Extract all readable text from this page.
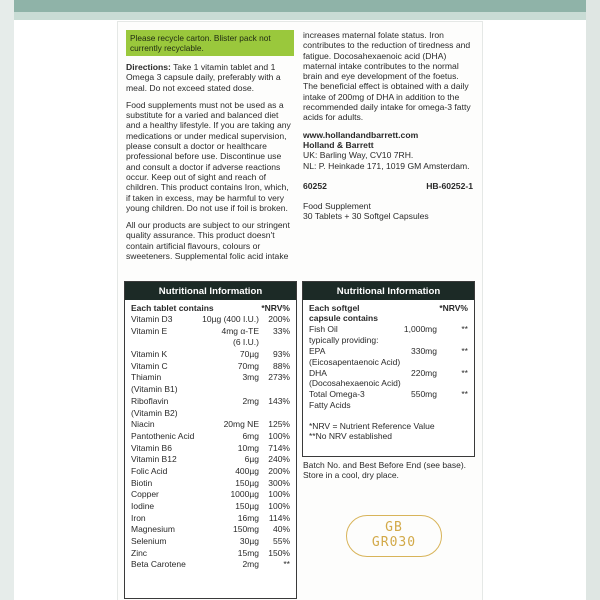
Please recycle carton. Blister pack not currently recyclable.

Directions: Take 1 vitamin tablet and 1 Omega 3 capsule daily, preferably with a meal. Do not exceed stated dose.

Food supplements must not be used as a substitute for a varied and balanced diet and a healthy lifestyle. If you are taking any medications or under medical supervision, please consult a doctor or healthcare professional before use. Discontinue use and consult a doctor if adverse reactions occur. Keep out of sight and reach of children. This product contains Iron, which, if taken in excess, may be harmful to very young children. Do not use if foil is broken.

All our products are subject to our stringent quality assurance. This product doesn't contain artificial flavours, colours or sweeteners. Supplemental folic acid intake

increases maternal folate status. Iron contributes to the reduction of tiredness and fatigue. Docosahexaenoic acid (DHA) maternal intake contributes to the normal brain and eye development of the foetus. The beneficial effect is obtained with a daily intake of 200mg of DHA in addition to the recommended daily intake for omega-3 fatty acids for adults.

www.hollandandbarrett.com
Holland & Barrett
UK: Barling Way, CV10 7RH.
NL: P. Heinkade 171, 1019 GM Amsterdam.
60252	HB-60252-1
Food Supplement
30 Tablets + 30 Softgel Capsules
Nutritional Information
Each tablet contains	*NRV%
Vitamin D3	10µg (400 I.U.) 200%
Vitamin E	4mg α-TE 33%
(6 I.U.)
Vitamin K	70µg 93%
Vitamin C	70mg 88%
Thiamin	3mg 273%
(Vitamin B1)
Riboflavin	2mg 143%
(Vitamin B2)
Niacin	20mg NE 125%
Pantothenic Acid	6mg 100%
Vitamin B6	10mg 714%
Vitamin B12	6µg 240%
Folic Acid	400µg 200%
Biotin	150µg 300%
Copper	1000µg 100%
Iodine	150µg 100%
Iron	16mg 114%
Magnesium	150mg 40%
Selenium	30µg 55%
Zinc	15mg 150%
Beta Carotene	2mg	**
Nutritional Information
Each softgel
capsule contains
*NRV%
Fish Oil	1,000mg	**
typically providing:
EPA	330mg	**
(Eicosapentaenoic Acid)
DHA	220mg	**
(Docosahexaenoic Acid)
Total Omega-3	550mg	**
Fatty Acids
*NRV = Nutrient Reference Value
**No NRV established
Batch No. and Best Before End (see base).
Store in a cool, dry place.
GB
GR030
